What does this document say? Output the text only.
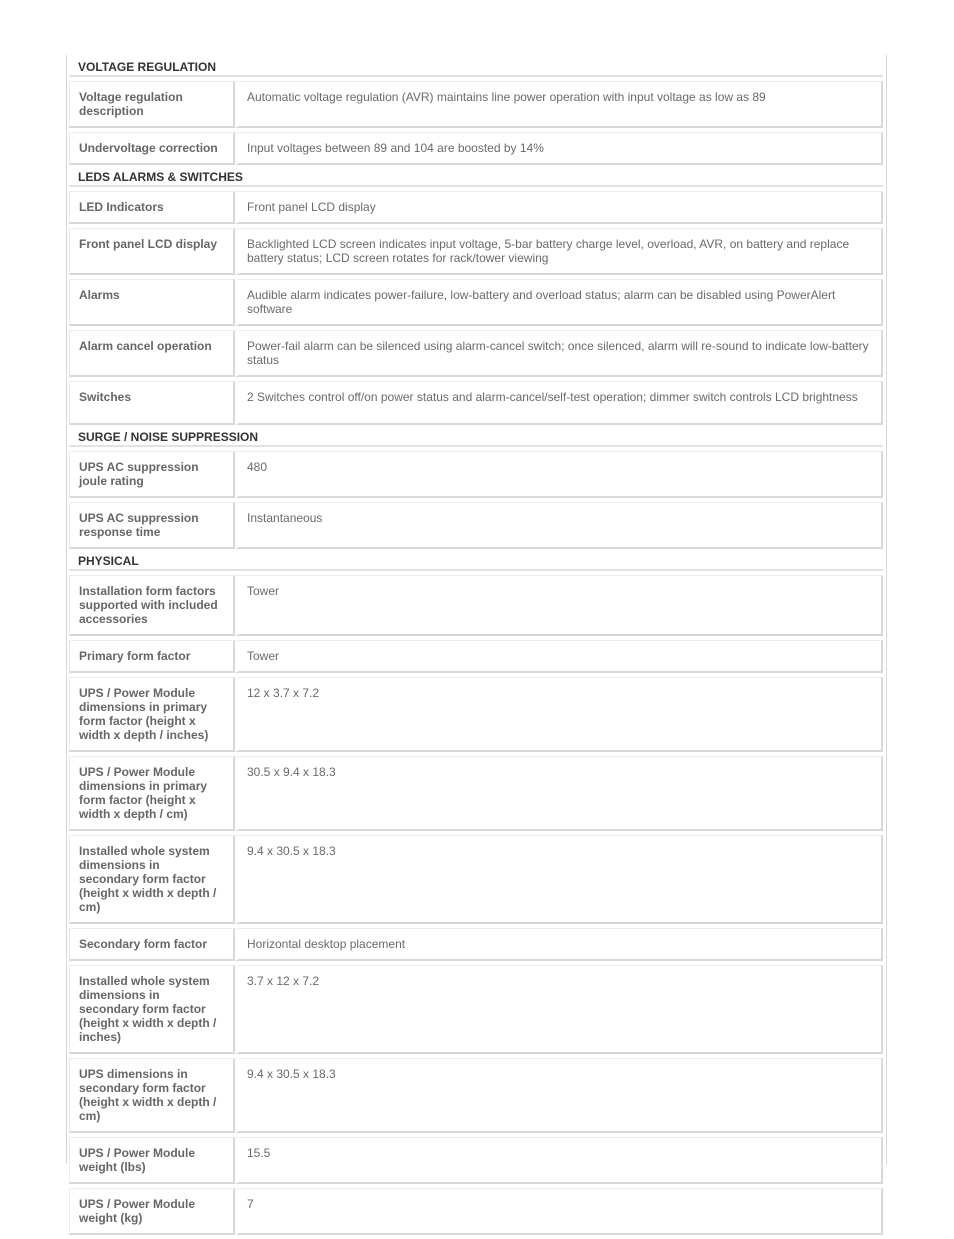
VOLTAGE REGULATION	
Voltage regulation description	Automatic voltage regulation (AVR) maintains line power operation with input voltage as low as 89
Undervoltage correction	Input voltages between 89 and 104 are boosted by 14%
LEDS ALARMS & SWITCHES	
LED Indicators	Front panel LCD display
Front panel LCD display	Backlighted LCD screen indicates input voltage, 5-bar battery charge level, overload, AVR, on battery and replace battery status; LCD screen rotates for rack/tower viewing
Alarms	Audible alarm indicates power-failure, low-battery and overload status; alarm can be disabled using PowerAlert software
Alarm cancel operation	Power-fail alarm can be silenced using alarm-cancel switch; once silenced, alarm will re-sound to indicate low-battery status
Switches	2 Switches control off/on power status and alarm-cancel/self-test operation; dimmer switch controls LCD brightness
SURGE / NOISE SUPPRESSION	
UPS AC suppression joule rating	480
UPS AC suppression response time	Instantaneous
PHYSICAL	
Installation form factors supported with included accessories	Tower
Primary form factor	Tower
UPS / Power Module dimensions in primary form factor (height x width x depth / inches)	12 x 3.7 x 7.2
UPS / Power Module dimensions in primary form factor (height x width x depth / cm)	30.5 x 9.4 x 18.3
Installed whole system dimensions in secondary form factor (height x width x depth / cm)	9.4 x 30.5 x 18.3
Secondary form factor	Horizontal desktop placement
Installed whole system dimensions in secondary form factor (height x width x depth / inches)	3.7 x 12 x 7.2
UPS dimensions in secondary form factor (height x width x depth / cm)	9.4 x 30.5 x 18.3
UPS / Power Module weight (lbs)	15.5
UPS / Power Module weight (kg)	7
